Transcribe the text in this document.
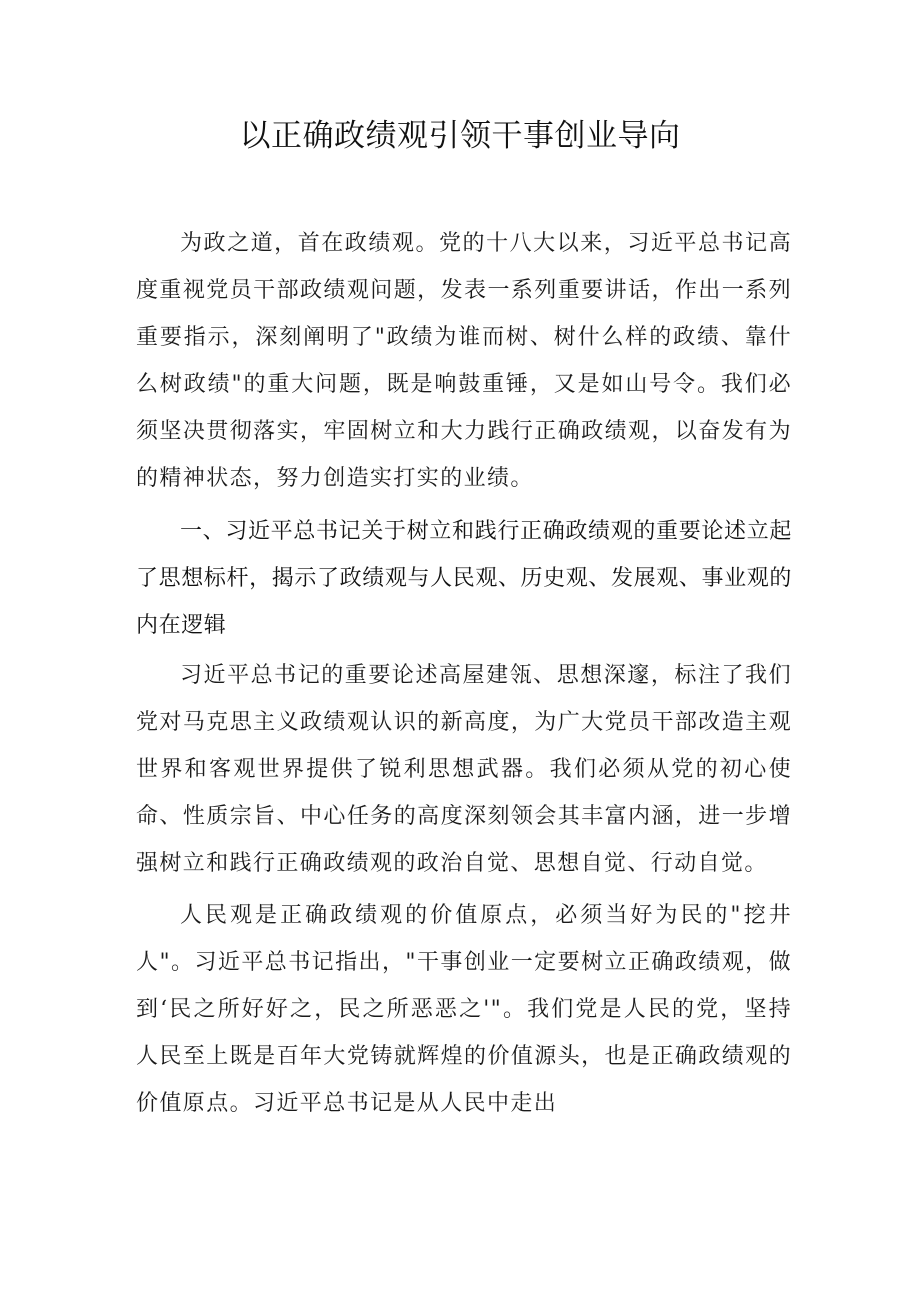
以正确政绩观引领干事创业导向

为政之道，首在政绩观。党的十八大以来，习近平总书记高度重视党员干部政绩观问题，发表一系列重要讲话，作出一系列重要指示，深刻阐明了"政绩为谁而树、树什么样的政绩、靠什么树政绩"的重大问题，既是响鼓重锤，又是如山号令。我们必须坚决贯彻落实，牢固树立和大力践行正确政绩观，以奋发有为的精神状态，努力创造实打实的业绩。

一、习近平总书记关于树立和践行正确政绩观的重要论述立起了思想标杆，揭示了政绩观与人民观、历史观、发展观、事业观的内在逻辑

习近平总书记的重要论述高屋建瓴、思想深邃，标注了我们党对马克思主义政绩观认识的新高度，为广大党员干部改造主观世界和客观世界提供了锐利思想武器。我们必须从党的初心使命、性质宗旨、中心任务的高度深刻领会其丰富内涵，进一步增强树立和践行正确政绩观的政治自觉、思想自觉、行动自觉。

人民观是正确政绩观的价值原点，必须当好为民的"挖井人"。习近平总书记指出，"干事创业一定要树立正确政绩观，做到‘民之所好好之，民之所恶恶之'"。我们党是人民的党，坚持人民至上既是百年大党铸就辉煌的价值源头，也是正确政绩观的价值原点。习近平总书记是从人民中走出
